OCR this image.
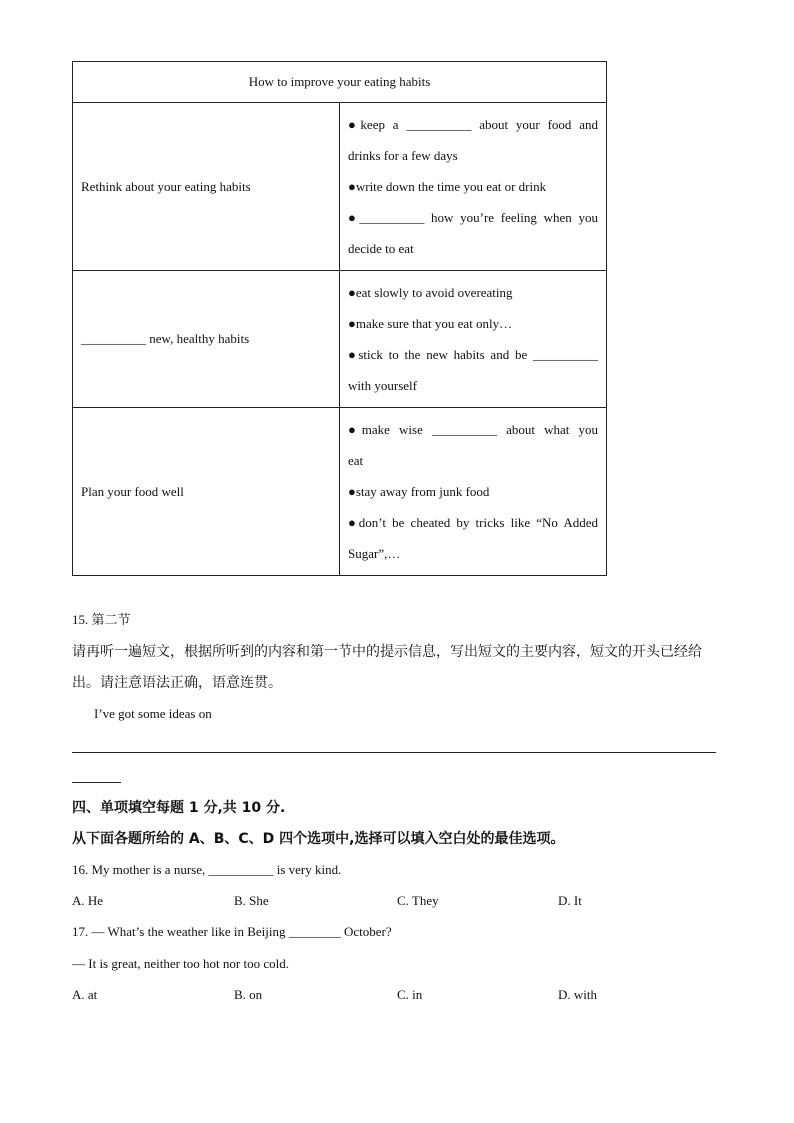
How to improve your eating habits	
Rethink about your eating habits	●keep a __________ about your food and
drinks for a few days
●write down the time you eat or drink
●__________ how you’re feeling when you
decide to eat

__________ new, healthy habits	●eat slowly to avoid overeating
●make sure that you eat only…
●stick to the new habits and be __________
with yourself

Plan your food well	●make wise __________ about what you
eat
●stay away from junk food
●don’t be cheated by tricks like “No Added
Sugar”,…
15. 第二节
请再听一遍短文，根据所听到的内容和第一节中的提示信息，写出短文的主要内容，短文的开头已经给出。请注意语法正确，语意连贯。
I’ve got some ideas on
四、单项填空每题 1 分,共 10 分.
从下面各题所给的 A、B、C、D 四个选项中,选择可以填入空白处的最佳选项。
16. My mother is a nurse, __________ is very kind.
A. He	B. She	C. They	D. It
17. — What’s the weather like in Beijing ________ October?
— It is great, neither too hot nor too cold.
A. at	B. on	C. in	D. with
